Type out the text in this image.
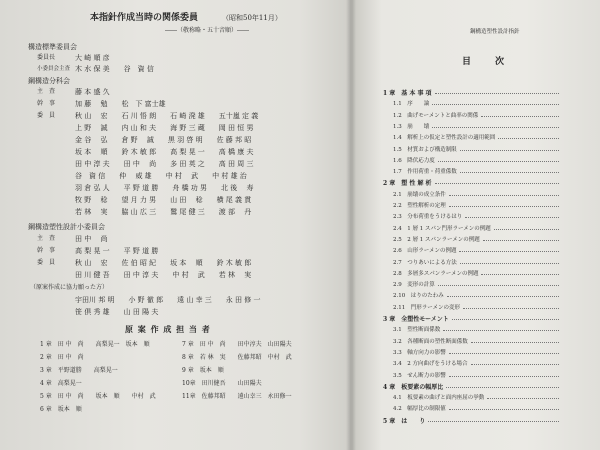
本指針作成当時の関係委員	（昭和50年11月）
――（敬称略・五十音順）――
構造標準委員会
委員長	大 崎 順 彦
小委員会主査 木 水 保 美　　谷　資 信
鋼構造分科会
主　査	藤 本 盛 久
幹　事	加 藤　 勉　　松　下 富士雄
委　員	秋 山　 宏　　石 川 悟 朗　　石 崎 溌 雄　　五十嵐 定 義
上 野　 誠　　内 山 和 夫　　海 野 三 蔵　　岡 田 恒 男
金 谷　 弘　　倉 野　 誠　　黒 羽 啓 明　　佐 藤 邦 昭
坂 本　 順　　鈴 木 敏 郎　　高 梨 晃 一　　高 橋 康 夫
田 中 淳 夫　　田 中　 尚　　多 田 英 之　　高 田 周 三
谷　資 信　　仲　 威 雄　　中 村　 武　　中 村 雄 治
羽 倉 弘 人　　平 野 道 勝　　舟 橋 功 男　　北 後　 寿
牧 野　 稔　　望 月 力 男　　山 田　 稔　　横 尾 義 貫
若 林　 実　　脇 山 広 三　　鷲 尾 健 三　　渡 部　 丹
鋼構造塑性設計小委員会
主　査	田 中　 尚
幹　事	高 梨 晃 一　　平 野 道 勝
委　員	秋 山　 宏　　佐 伯 昭 紀　　坂 本　 順　　鈴 木 敏 郎
田 川 健 吾　　田 中 淳 夫　　中 村　 武　　若 林　 実
（原案作成に協力願った方）
宇田川 邦 明　　小 野 徹 郎　　遠 山 幸 三　　永 田 修 一
笹 倶 秀 雄　　山 田 陽 夫
原 案 作 成 担 当 者
1 章　田 中　尚　　高梨晃一　坂本　順
2 章　田 中　尚
3 章　平野道勝　　高梨晃一
4 章　高梨晃一
5 章　田 中　尚　　坂本　順　　中村　武
6 章　坂本　順
7 章　田 中　尚　　田中淳夫　山田陽夫
8 章　若 林　実　　佐藤邦昭　中村　武
9 章　坂本　順
10章　田川健吾　　山田陽夫
11章　佐藤邦昭　　遠山幸三　永田修一
鋼構造塑性設計指針
目　　次
1 章　基 本 事 項
1.1　序　　論
1.2　曲げモーメントと曲率の関係
1.3　崩　　壊
1.4　解析上の仮定と塑性設計の適用範囲
1.5　材質および構造制限
1.6　降伏応力度
1.7　作用荷重・荷重係数
2 章　塑 性 解 析
2.1　崩壊の成立条件
2.2　塑性解析の定理
2.3　分布荷重をうけるはり
2.4　1 層 1 スパン門形ラーメンの例題
2.5　2 層 1 スパンラーメンの例題
2.6　山形ラーメンの例題
2.7　つりあいによる方法
2.8　多層多スパンラーメンの例題
2.9　変形の計算
2.10　はりのたわみ
2.11　門形ラーメンの変形
3 章　全塑性モーメント
3.1　塑性断面係数
3.2　各種断面の塑性断面係数
3.3　軸方向力の影響
3.4　2 方向曲げをうける場合
3.5　せん断力の影響
4 章　板要素の幅厚比
4.1　板要素の曲げと面内座屈の挙動
4.2　幅厚比の制限値
5 章　は　　り
